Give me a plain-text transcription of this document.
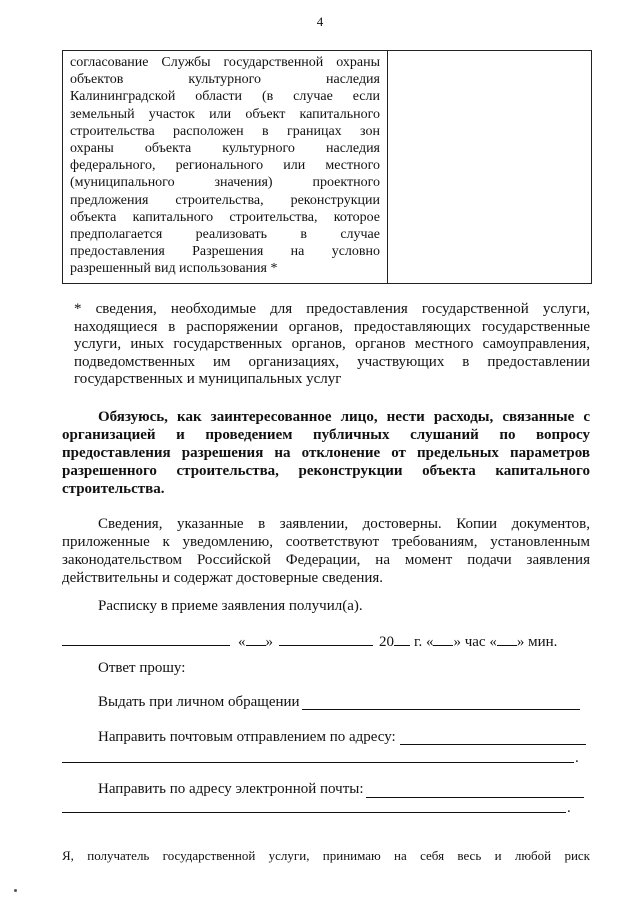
4
согласование Службы государственной охраны
объектов культурного наследия
Калининградской области (в случае если
земельный участок или объект капитального
строительства расположен в границах зон
охраны объекта культурного наследия
федерального, регионального или местного
(муниципального значения) проектного
предложения строительства, реконструкции
объекта капитального строительства, которое
предполагается реализовать в случае
предоставления Разрешения на условно
разрешенный вид использования *

* сведения, необходимые для предоставления государственной услуги,
находящиеся в распоряжении органов, предоставляющих государственные
услуги, иных государственных органов, органов местного самоуправления,
подведомственных им организациях, участвующих в предоставлении
государственных и муниципальных услуг
Обязуюсь, как заинтересованное лицо, нести расходы, связанные с
организацией и проведением публичных слушаний по вопросу
предоставления разрешения на отклонение от предельных параметров
разрешенного строительства, реконструкции объекта капитального
строительства.
Сведения, указанные в заявлении, достоверны. Копии документов,
приложенные к уведомлению, соответствуют требованиям, установленным
законодательством Российской Федерации, на момент подачи заявления
действительны и содержат достоверные сведения.
Расписку в приеме заявления получил(а).
« »	20 г. « » час « » мин.
Ответ прошу:
Выдать при личном обращении
Направить почтовым отправлением по адресу:
.
Направить по адресу электронной почты:
.
Я, получатель государственной услуги, принимаю на себя весь и любой риск
